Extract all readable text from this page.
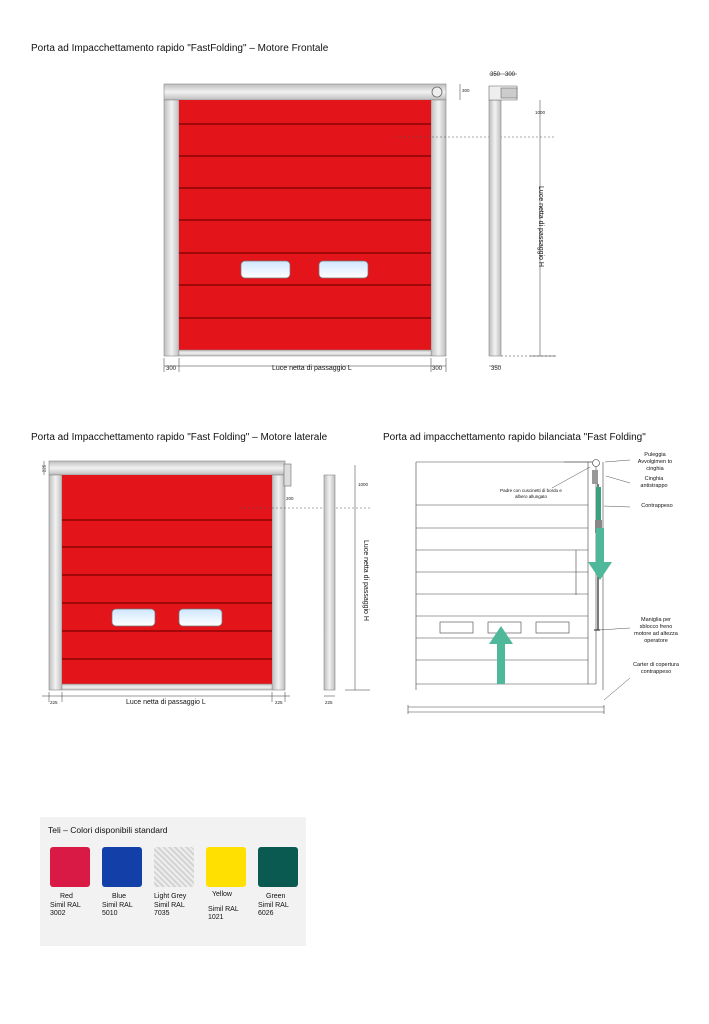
Porta ad Impacchettamento rapido "FastFolding" – Motore Frontale
Porta ad Impacchettamento rapido "Fast Folding" – Motore laterale	Porta ad impacchettamento rapido bilanciata "Fast Folding"
300	300	350
350 300
300
1000
Luce netta di passaggio L
Luce netta di passaggio H
225
200
1000
225	225	225
Luce netta di passaggio L
Luce netta di passaggio H
Padre con cuscinetti di bordo e albero allungato
Puleggia Avvolgimen to cinghia
Cinghia antistrappo
Contrappeso
Maniglia per sblocco freno motore ad altezza operatore
Carter di copertura contrappeso
Teli – Colori disponibili standard
Red
Simil RAL
3002
Blue
Simil RAL
5010
Light Grey
Simil RAL
7035
Yellow
Simil RAL
1021
Green
Simil RAL
6026
